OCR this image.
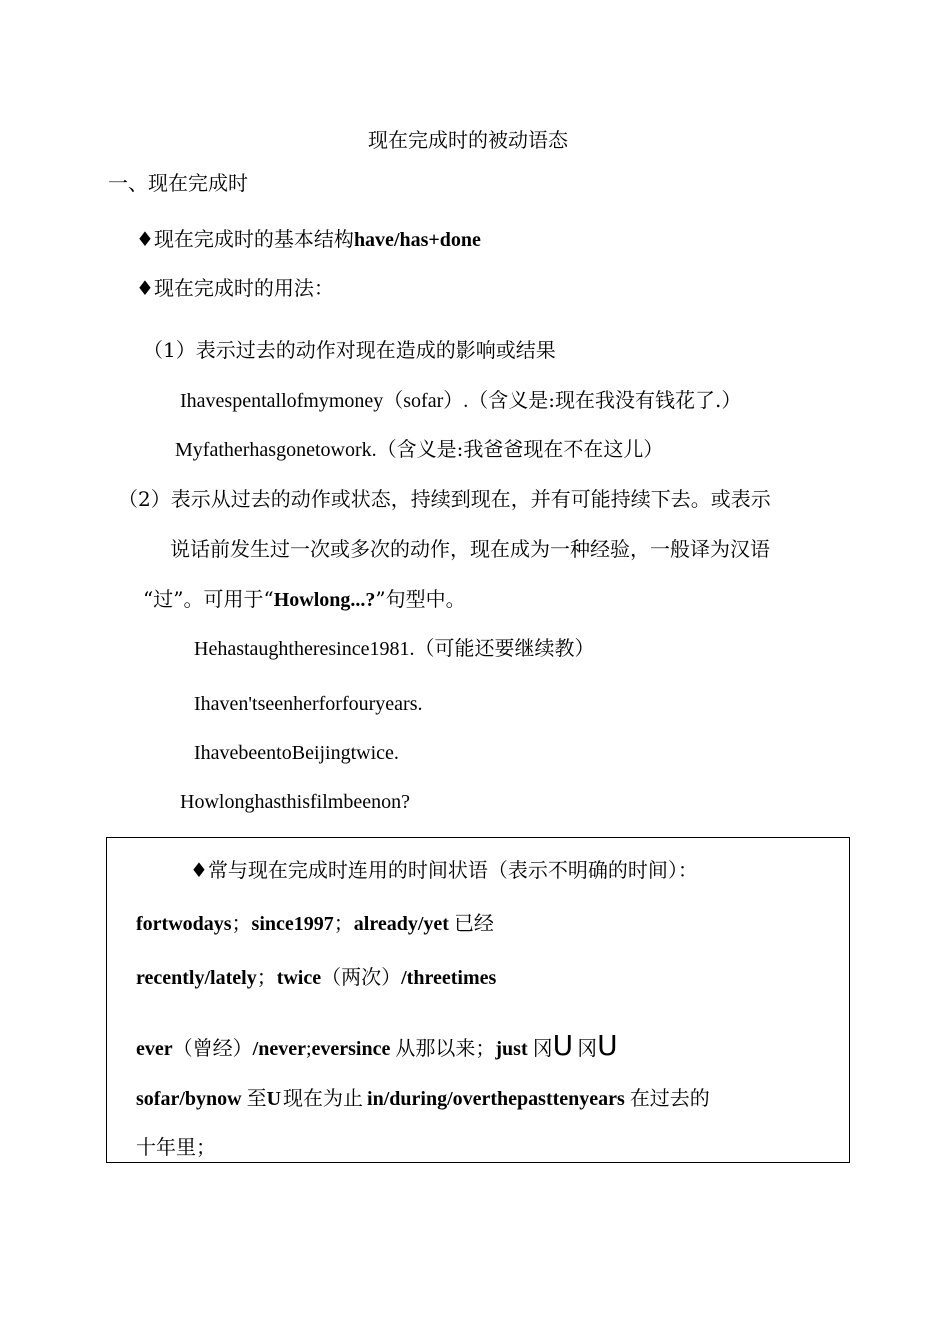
现在完成时的被动语态
一、现在完成时
♦现在完成时的基本结构have/has+done
♦现在完成时的用法：
（1）表示过去的动作对现在造成的影响或结果
Ihavespentallofmymoney（sofar）.（含义是:现在我没有钱花了.）
Myfatherhasgonetowork.（含义是:我爸爸现在不在这儿）
（2）表示从过去的动作或状态，持续到现在，并有可能持续下去。或表示
说话前发生过一次或多次的动作，现在成为一种经验，一般译为汉语
“过”。可用于“Howlong...?”句型中。
Hehastaughtheresince1981.（可能还要继续教）
Ihaven'tseenherforfouryears.
IhavebeentoBeijingtwice.
Howlonghasthisfilmbeenon?
♦常与现在完成时连用的时间状语（表示不明确的时间）：
fortwodays；since1997；already/yet 已经
recently/lately；twice（两次）/threetimes
ever（曾经）/never;eversince 从那以来；just 冈U 冈U
sofar/bynow 至U 现在为止 in/during/overthepasttenyears 在过去的
十年里；
